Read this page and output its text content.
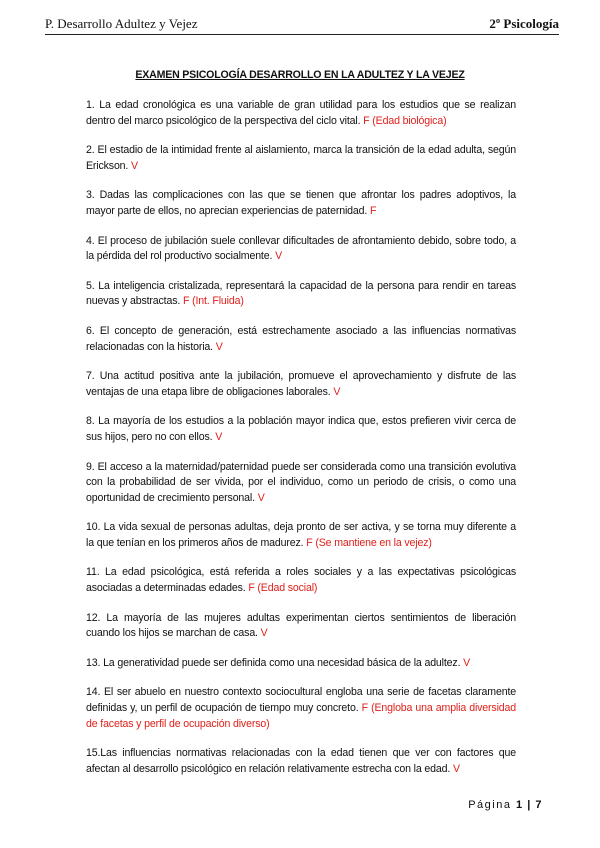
P. Desarrollo Adultez y Vejez	2º Psicología
EXAMEN PSICOLOGÍA DESARROLLO EN LA ADULTEZ Y LA VEJEZ

1. La edad cronológica es una variable de gran utilidad para los estudios que se realizan dentro del marco psicológico de la perspectiva del ciclo vital. F (Edad biológica)

2. El estadio de la intimidad frente al aislamiento, marca la transición de la edad adulta, según Erickson. V

3. Dadas las complicaciones con las que se tienen que afrontar los padres adoptivos, la mayor parte de ellos, no aprecian experiencias de paternidad. F

4. El proceso de jubilación suele conllevar dificultades de afrontamiento debido, sobre todo, a la pérdida del rol productivo socialmente. V

5. La inteligencia cristalizada, representará la capacidad de la persona para rendir en tareas nuevas y abstractas. F (Int. Fluida)

6. El concepto de generación, está estrechamente asociado a las influencias normativas relacionadas con la historia. V

7. Una actitud positiva ante la jubilación, promueve el aprovechamiento y disfrute de las ventajas de una etapa libre de obligaciones laborales. V

8. La mayoría de los estudios a la población mayor indica que, estos prefieren vivir cerca de sus hijos, pero no con ellos. V

9. El acceso a la maternidad/paternidad puede ser considerada como una transición evolutiva con la probabilidad de ser vivida, por el individuo, como un periodo de crisis, o como una oportunidad de crecimiento personal. V

10. La vida sexual de personas adultas, deja pronto de ser activa, y se torna muy diferente a la que tenían en los primeros años de madurez. F (Se mantiene en la vejez)

11. La edad psicológica, está referida a roles sociales y a las expectativas psicológicas asociadas a determinadas edades. F (Edad social)

12. La mayoría de las mujeres adultas experimentan ciertos sentimientos de liberación cuando los hijos se marchan de casa. V

13. La generatividad puede ser definida como una necesidad básica de la adultez. V

14. El ser abuelo en nuestro contexto sociocultural engloba una serie de facetas claramente definidas y, un perfil de ocupación de tiempo muy concreto. F (Engloba una amplia diversidad de facetas y perfil de ocupación diverso)

15.Las influencias normativas relacionadas con la edad tienen que ver con factores que afectan al desarrollo psicológico en relación relativamente estrecha con la edad. V

Página 1 | 7
